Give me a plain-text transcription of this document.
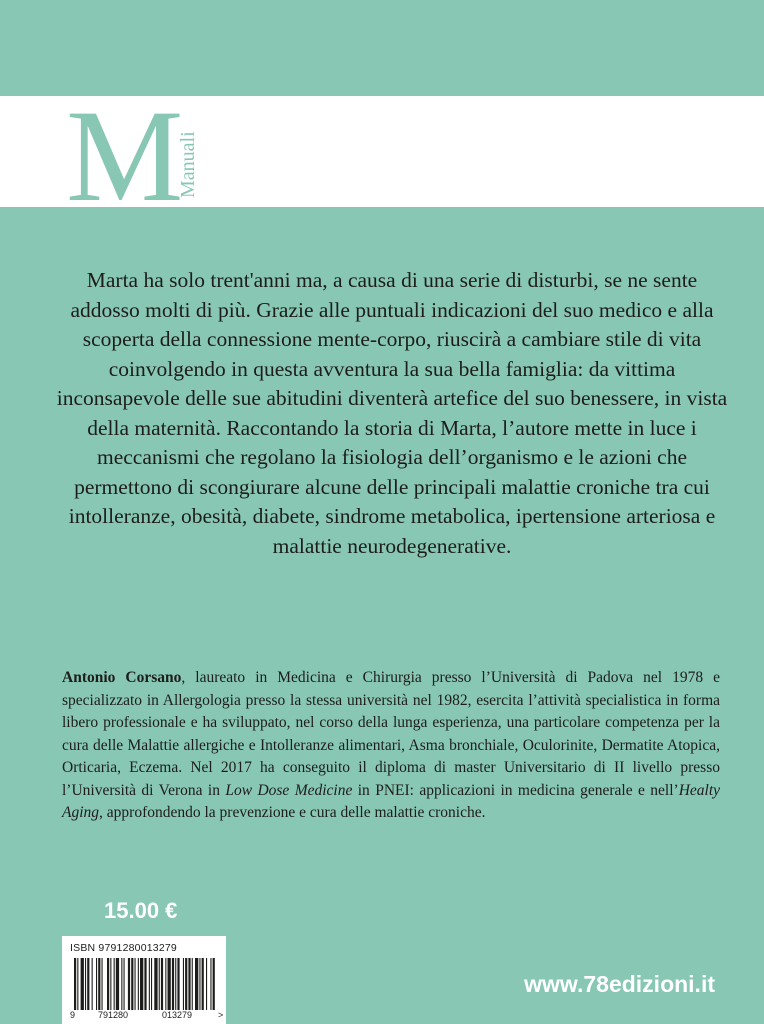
M
Manuali

Marta ha solo trent'anni ma, a causa di una serie di disturbi, se ne sente addosso molti di più. Grazie alle puntuali indicazioni del suo medico e alla scoperta della connessione mente-corpo, riuscirà a cambiare stile di vita coinvolgendo in questa avventura la sua bella famiglia: da vittima inconsapevole delle sue abitudini diventerà artefice del suo benessere, in vista della maternità. Raccontando la storia di Marta, l’autore mette in luce i meccanismi che regolano la fisiologia dell’organismo e le azioni che permettono di scongiurare alcune delle principali malattie croniche tra cui intolleranze, obesità, diabete, sindrome metabolica, ipertensione arteriosa e malattie neurodegenerative.

Antonio Corsano, laureato in Medicina e Chirurgia presso l’Università di Padova nel 1978 e specializzato in Allergologia presso la stessa università nel 1982, esercita l’attività specialistica in forma libero professionale e ha sviluppato, nel corso della lunga esperienza, una particolare competenza per la cura delle Malattie allergiche e Intolleranze alimentari, Asma bronchiale, Oculorinite, Dermatite Atopica, Orticaria, Eczema. Nel 2017 ha conseguito il diploma di master Universitario di II livello presso l’Università di Verona in Low Dose Medicine in PNEI: applicazioni in medicina generale e nell’Healty Aging, approfondendo la prevenzione e cura delle malattie croniche.

15.00 €
ISBN 9791280013279
9	791280	013279	>
www.78edizioni.it
